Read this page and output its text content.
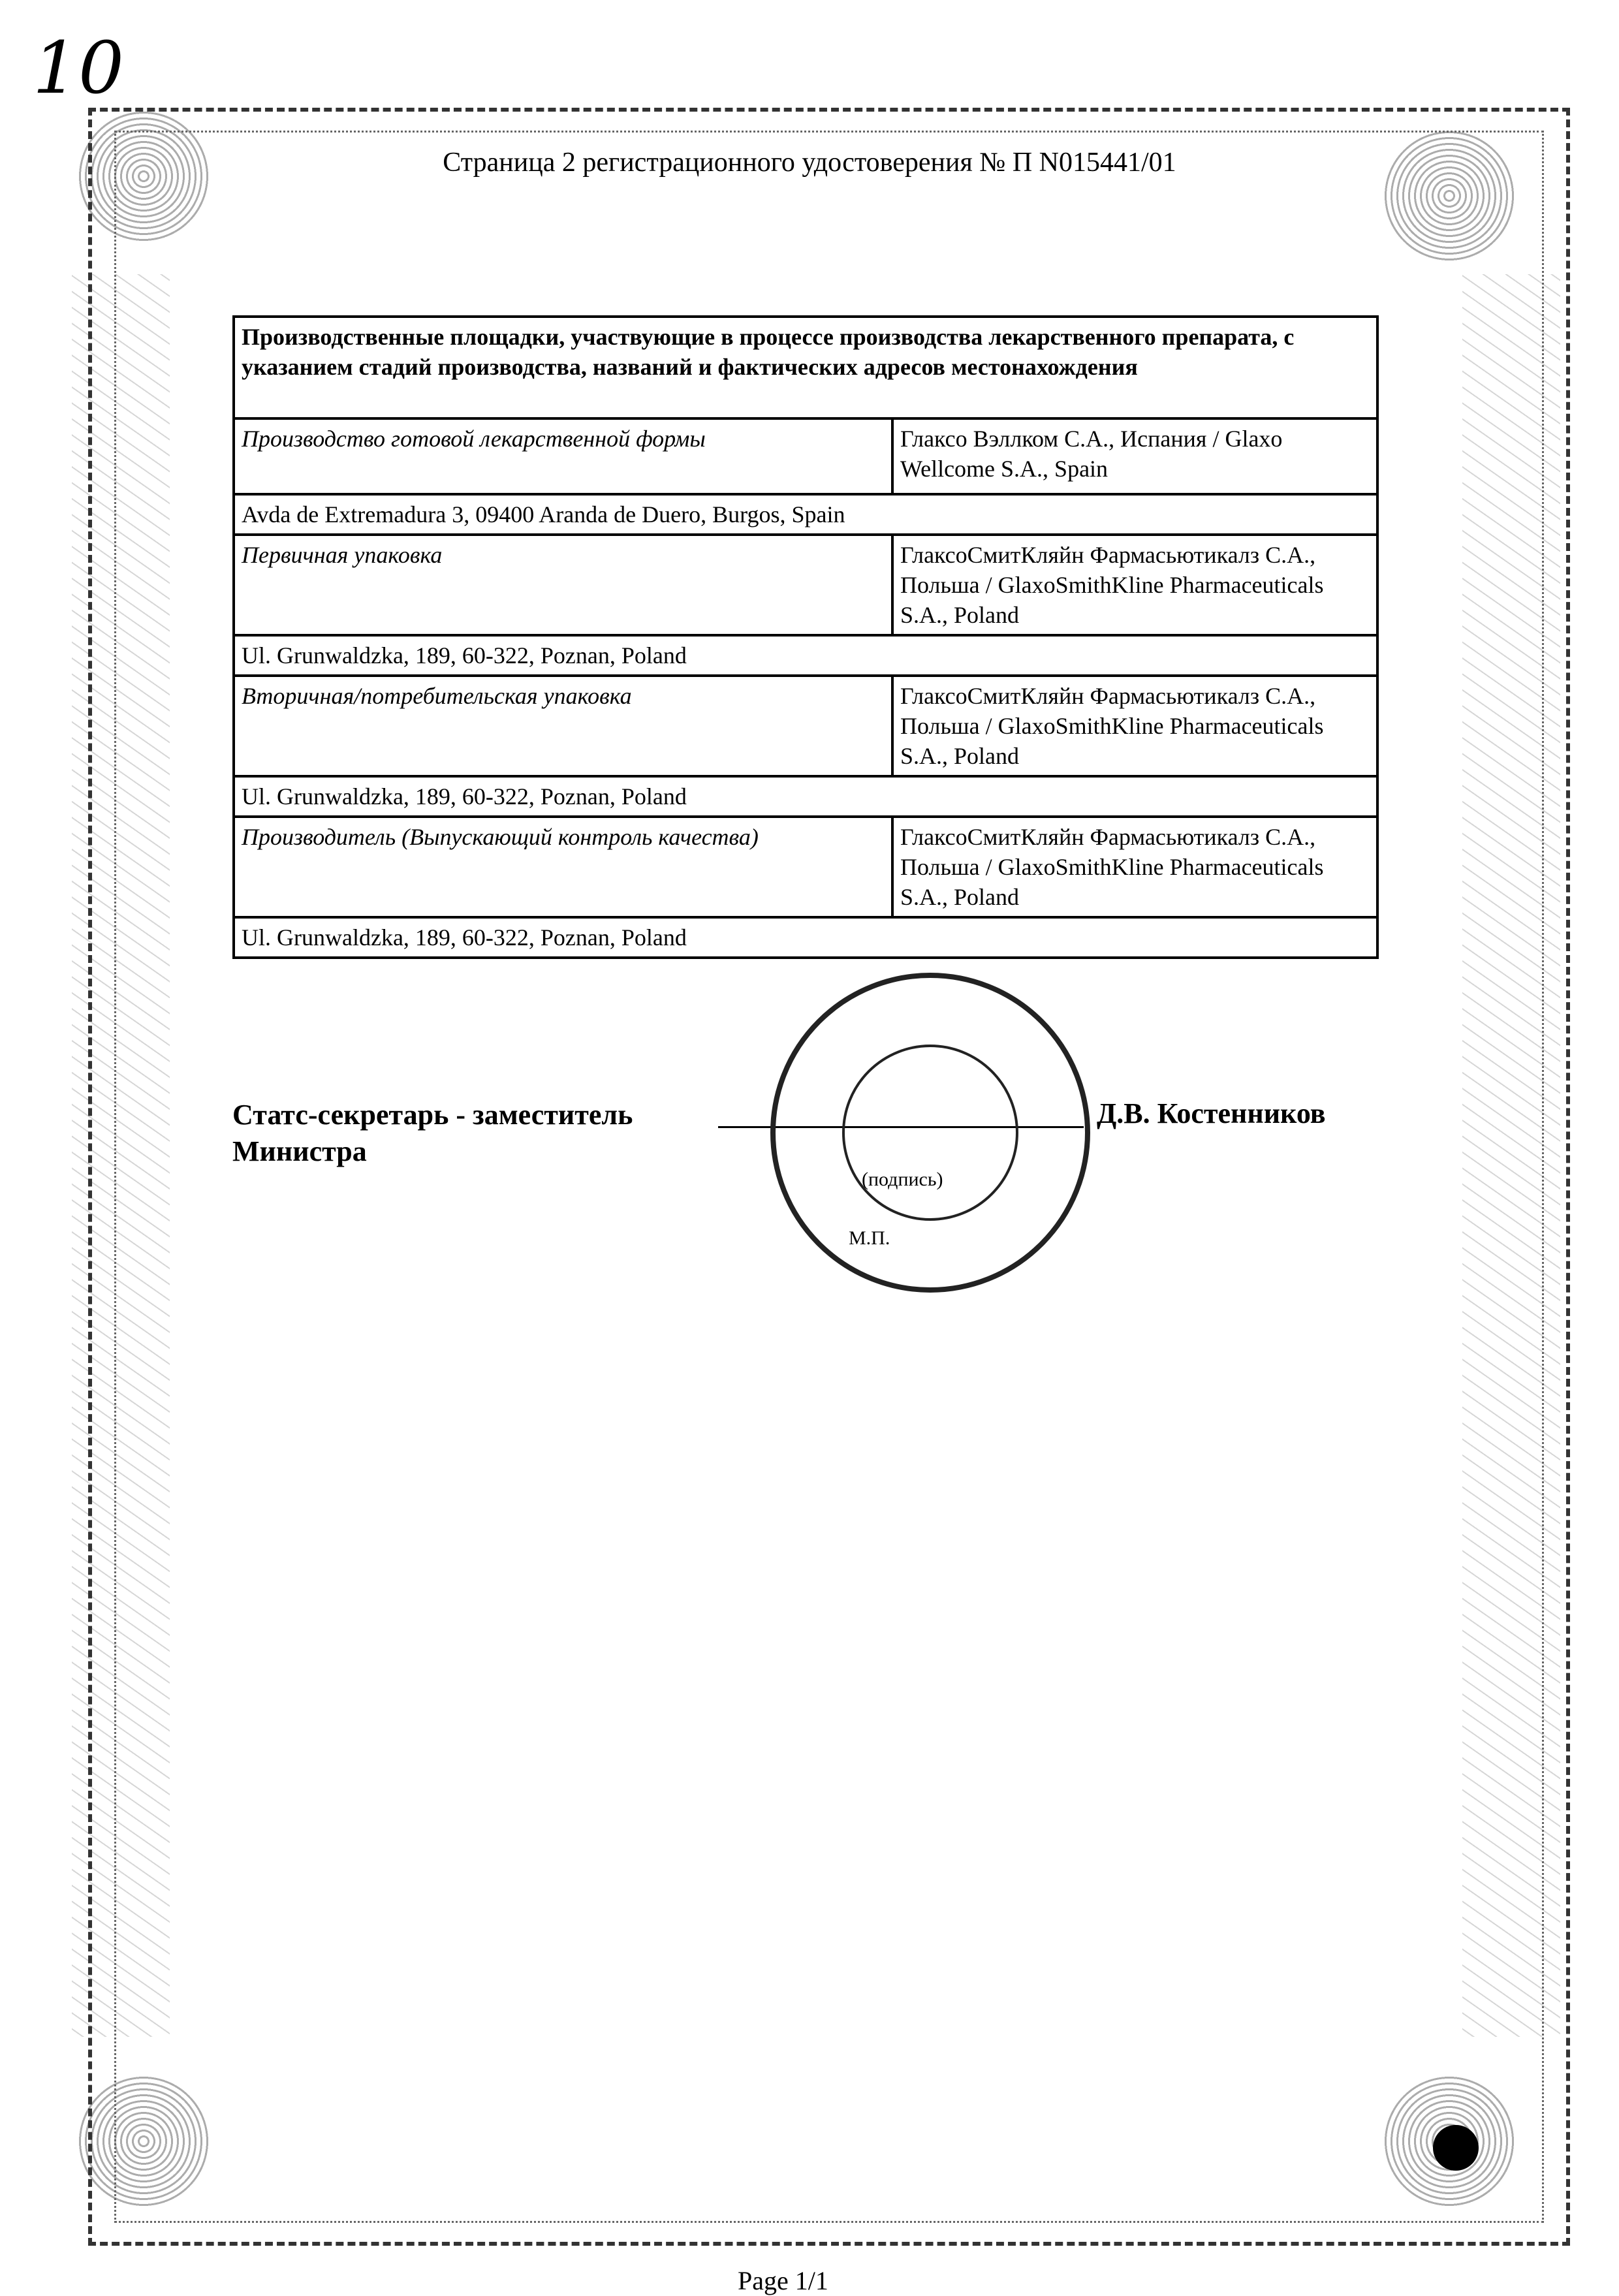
10
Страница 2 регистрационного удостоверения № П N015441/01
Производственные площадки, участвующие в процессе производства лекарственного препарата, с указанием стадий производства, названий и фактических адресов местонахождения	
Производство готовой лекарственной формы	Глаксо Вэллком С.А., Испания / Glaxo Wellcome S.A., Spain
Avda de Extremadura 3, 09400 Aranda de Duero, Burgos, Spain	
Первичная упаковка	ГлаксоСмитКляйн Фармасьютикалз С.А., Польша / GlaxoSmithKline Pharmaceuticals S.A., Poland
Ul. Grunwaldzka, 189, 60-322, Poznan, Poland	
Вторичная/потребительская упаковка	ГлаксоСмитКляйн Фармасьютикалз С.А., Польша / GlaxoSmithKline Pharmaceuticals S.A., Poland
Ul. Grunwaldzka, 189, 60-322, Poznan, Poland	
Производитель (Выпускающий контроль качества)	ГлаксоСмитКляйн Фармасьютикалз С.А., Польша / GlaxoSmithKline Pharmaceuticals S.A., Poland
Ul. Grunwaldzka, 189, 60-322, Poznan, Poland	
Статс-секретарь - заместитель
Министра
(подпись)
М.П.
Д.В. Костенников
Page 1/1
